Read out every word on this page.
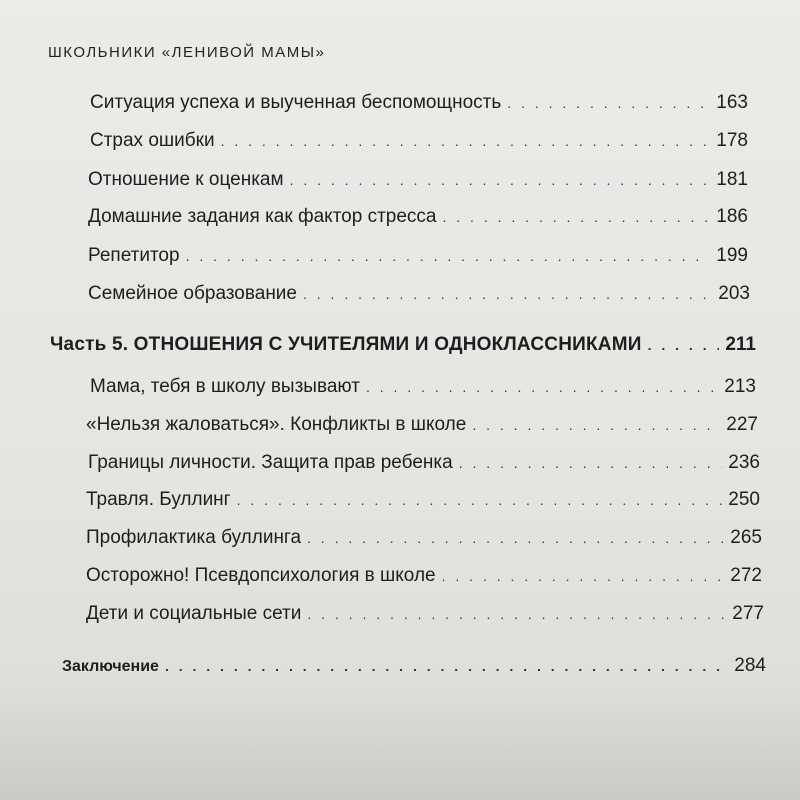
ШКОЛЬНИКИ «ЛЕНИВОЙ МАМЫ»
Ситуация успеха и выученная беспомощность . . .	163
Страх ошибки . . .	178
Отношение к оценкам . . .	181
Домашние задания как фактор стресса . . .	186
Репетитор . . .	199
Семейное образование . . .	203
Часть 5. ОТНОШЕНИЯ С УЧИТЕЛЯМИ И ОДНОКЛАССНИКАМИ . . .	211
Мама, тебя в школу вызывают . . .	213
«Нельзя жаловаться». Конфликты в школе . . .	227
Границы личности. Защита прав ребенка . . .	236
Травля. Буллинг . . .	250
Профилактика буллинга . . .	265
Осторожно! Псевдопсихология в школе . . .	272
Дети и социальные сети . . .	277
Заключение . . .	284
